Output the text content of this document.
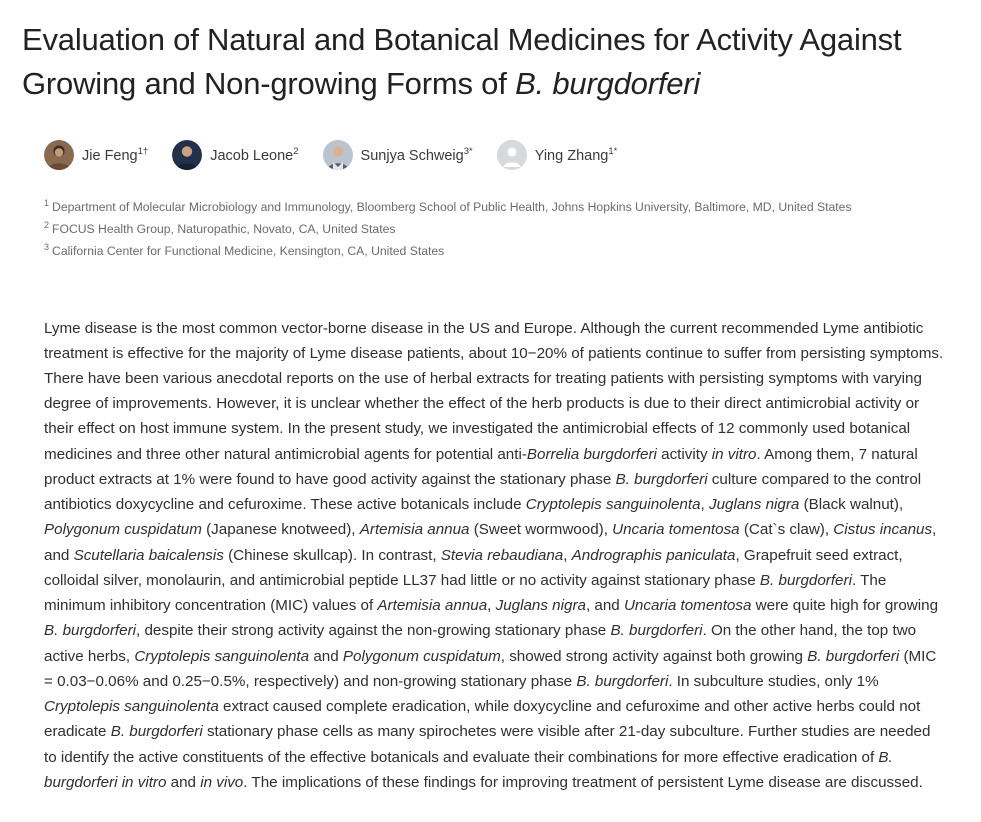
Evaluation of Natural and Botanical Medicines for Activity Against Growing and Non-growing Forms of B. burgdorferi
Jie Feng$^{1\dagger}$	Jacob Leone$^2$	Sunjya Schweig$^{3*}$	Ying Zhang$^{1*}$
$^1$ Department of Molecular Microbiology and Immunology, Bloomberg School of Public Health, Johns Hopkins University, Baltimore, MD, United States
$^2$ FOCUS Health Group, Naturopathic, Novato, CA, United States
$^3$ California Center for Functional Medicine, Kensington, CA, United States
Lyme disease is the most common vector-borne disease in the US and Europe. Although the current recommended Lyme antibiotic treatment is effective for the majority of Lyme disease patients, about 10−20% of patients continue to suffer from persisting symptoms. There have been various anecdotal reports on the use of herbal extracts for treating patients with persisting symptoms with varying degree of improvements. However, it is unclear whether the effect of the herb products is due to their direct antimicrobial activity or their effect on host immune system. In the present study, we investigated the antimicrobial effects of 12 commonly used botanical medicines and three other natural antimicrobial agents for potential anti-Borrelia burgdorferi activity in vitro. Among them, 7 natural product extracts at 1% were found to have good activity against the stationary phase B. burgdorferi culture compared to the control antibiotics doxycycline and cefuroxime. These active botanicals include Cryptolepis sanguinolenta, Juglans nigra (Black walnut), Polygonum cuspidatum (Japanese knotweed), Artemisia annua (Sweet wormwood), Uncaria tomentosa (Cat`s claw), Cistus incanus, and Scutellaria baicalensis (Chinese skullcap). In contrast, Stevia rebaudiana, Andrographis paniculata, Grapefruit seed extract, colloidal silver, monolaurin, and antimicrobial peptide LL37 had little or no activity against stationary phase B. burgdorferi. The minimum inhibitory concentration (MIC) values of Artemisia annua, Juglans nigra, and Uncaria tomentosa were quite high for growing B. burgdorferi, despite their strong activity against the non-growing stationary phase B. burgdorferi. On the other hand, the top two active herbs, Cryptolepis sanguinolenta and Polygonum cuspidatum, showed strong activity against both growing B. burgdorferi (MIC = 0.03−0.06% and 0.25−0.5%, respectively) and non-growing stationary phase B. burgdorferi. In subculture studies, only 1% Cryptolepis sanguinolenta extract caused complete eradication, while doxycycline and cefuroxime and other active herbs could not eradicate B. burgdorferi stationary phase cells as many spirochetes were visible after 21-day subculture. Further studies are needed to identify the active constituents of the effective botanicals and evaluate their combinations for more effective eradication of B. burgdorferi in vitro and in vivo. The implications of these findings for improving treatment of persistent Lyme disease are discussed.
